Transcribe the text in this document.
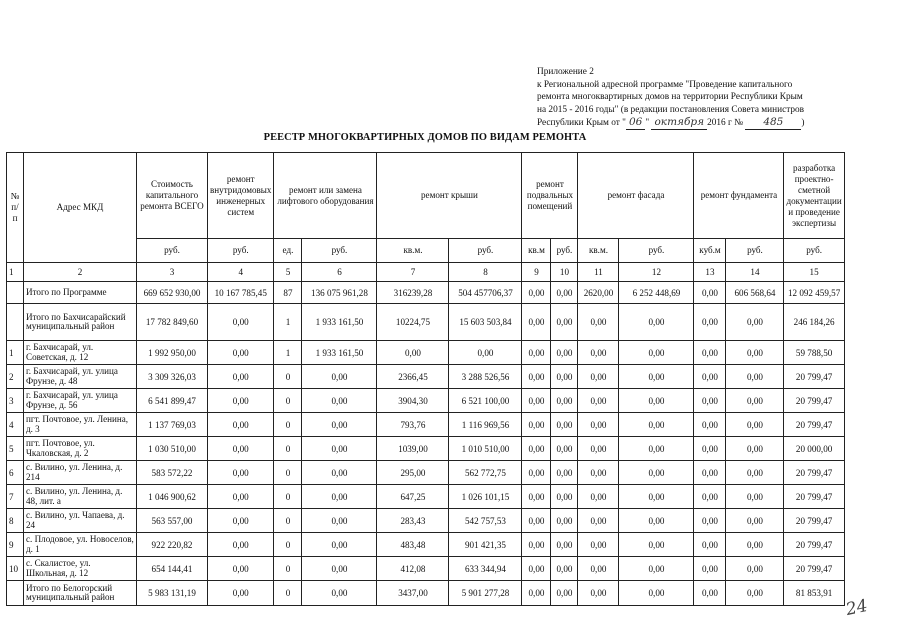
Приложение 2
к Региональной адресной программе "Проведение капитального
ремонта многоквартирных домов на территории Республики Крым
на 2015 - 2016 годы" (в редакции постановления Совета министров
Республики Крым от " 06 " октября 2016 г № 485 )
РЕЕСТР МНОГОКВАРТИРНЫХ ДОМОВ ПО ВИДАМ РЕМОНТА
№ п/п	Адрес МКД	Стоимость капитального ремонта ВСЕГО	ремонт внутридомовых инженерных систем	ремонт или замена лифтового оборудования		ремонт крыши		ремонт подвальных помещений		ремонт фасада		ремонт фундамента		разработка проектно-сметной документации и проведение экспертизы
		руб.	руб.	ед.	руб.	кв.м.	руб.	кв.м	руб.	кв.м.	руб.	куб.м	руб.	руб.
1	2	3	4	5	6	7	8	9	10	11	12	13	14	15
	Итого по Программе	669 652 930,00	10 167 785,45	87	136 075 961,28	316239,28	504 457706,37	0,00	0,00	2620,00	6 252 448,69	0,00	606 568,64	12 092 459,57
	Итого по Бахчисарайский муниципальный район	17 782 849,60	0,00	1	1 933 161,50	10224,75	15 603 503,84	0,00	0,00	0,00	0,00	0,00	0,00	246 184,26
1	г. Бахчисарай, ул. Советская, д. 12	1 992 950,00	0,00	1	1 933 161,50	0,00	0,00	0,00	0,00	0,00	0,00	0,00	0,00	59 788,50
2	г. Бахчисарай, ул. улица Фрунзе, д. 48	3 309 326,03	0,00	0	0,00	2366,45	3 288 526,56	0,00	0,00	0,00	0,00	0,00	0,00	20 799,47
3	г. Бахчисарай, ул. улица Фрунзе, д. 56	6 541 899,47	0,00	0	0,00	3904,30	6 521 100,00	0,00	0,00	0,00	0,00	0,00	0,00	20 799,47
4	пгт. Почтовое, ул. Ленина, д. 3	1 137 769,03	0,00	0	0,00	793,76	1 116 969,56	0,00	0,00	0,00	0,00	0,00	0,00	20 799,47
5	пгт. Почтовое, ул. Чкаловская, д. 2	1 030 510,00	0,00	0	0,00	1039,00	1 010 510,00	0,00	0,00	0,00	0,00	0,00	0,00	20 000,00
6	с. Вилино, ул. Ленина, д. 214	583 572,22	0,00	0	0,00	295,00	562 772,75	0,00	0,00	0,00	0,00	0,00	0,00	20 799,47
7	с. Вилино, ул. Ленина, д. 48, лит. а	1 046 900,62	0,00	0	0,00	647,25	1 026 101,15	0,00	0,00	0,00	0,00	0,00	0,00	20 799,47
8	с. Вилино, ул. Чапаева, д. 24	563 557,00	0,00	0	0,00	283,43	542 757,53	0,00	0,00	0,00	0,00	0,00	0,00	20 799,47
9	с. Плодовое, ул. Новоселов, д. 1	922 220,82	0,00	0	0,00	483,48	901 421,35	0,00	0,00	0,00	0,00	0,00	0,00	20 799,47
10	с. Скалистое, ул. Школьная, д. 12	654 144,41	0,00	0	0,00	412,08	633 344,94	0,00	0,00	0,00	0,00	0,00	0,00	20 799,47
	Итого по Белогорский муниципальный район	5 983 131,19	0,00	0	0,00	3437,00	5 901 277,28	0,00	0,00	0,00	0,00	0,00	0,00	81 853,91
24
